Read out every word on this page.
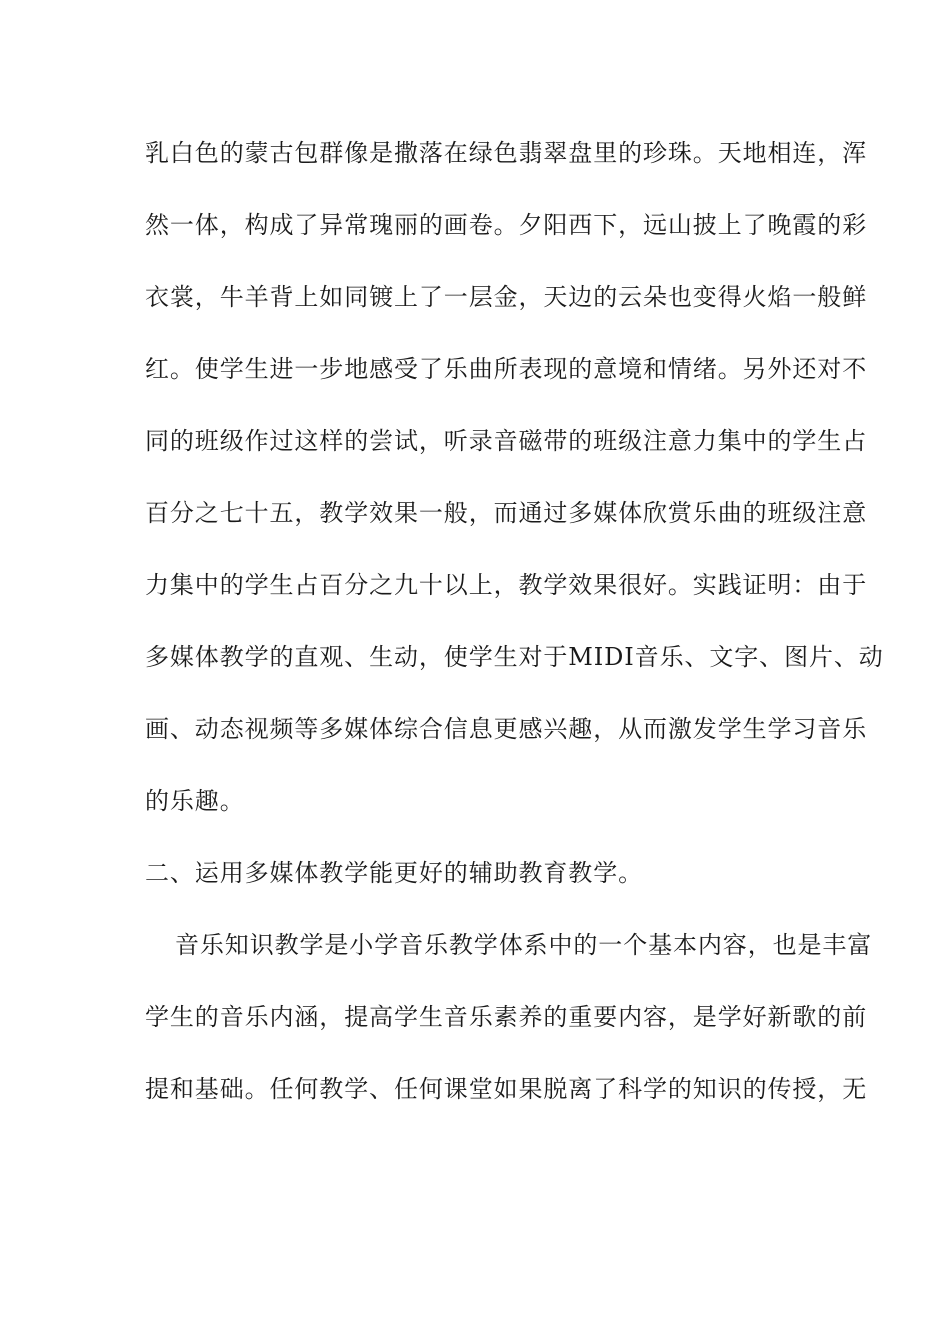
乳白色的蒙古包群像是撒落在绿色翡翠盘里的珍珠。天地相连，浑
然一体，构成了异常瑰丽的画卷。夕阳西下，远山披上了晚霞的彩
衣裳，牛羊背上如同镀上了一层金，天边的云朵也变得火焰一般鲜
红。使学生进一步地感受了乐曲所表现的意境和情绪。另外还对不
同的班级作过这样的尝试，听录音磁带的班级注意力集中的学生占
百分之七十五，教学效果一般，而通过多媒体欣赏乐曲的班级注意
力集中的学生占百分之九十以上，教学效果很好。实践证明：由于
多媒体教学的直观、生动，使学生对于MIDI音乐、文字、图片、动
画、动态视频等多媒体综合信息更感兴趣，从而激发学生学习音乐
的乐趣。
二、运用多媒体教学能更好的辅助教育教学。
音乐知识教学是小学音乐教学体系中的一个基本内容，也是丰富
学生的音乐内涵，提高学生音乐素养的重要内容，是学好新歌的前
提和基础。任何教学、任何课堂如果脱离了科学的知识的传授，无
